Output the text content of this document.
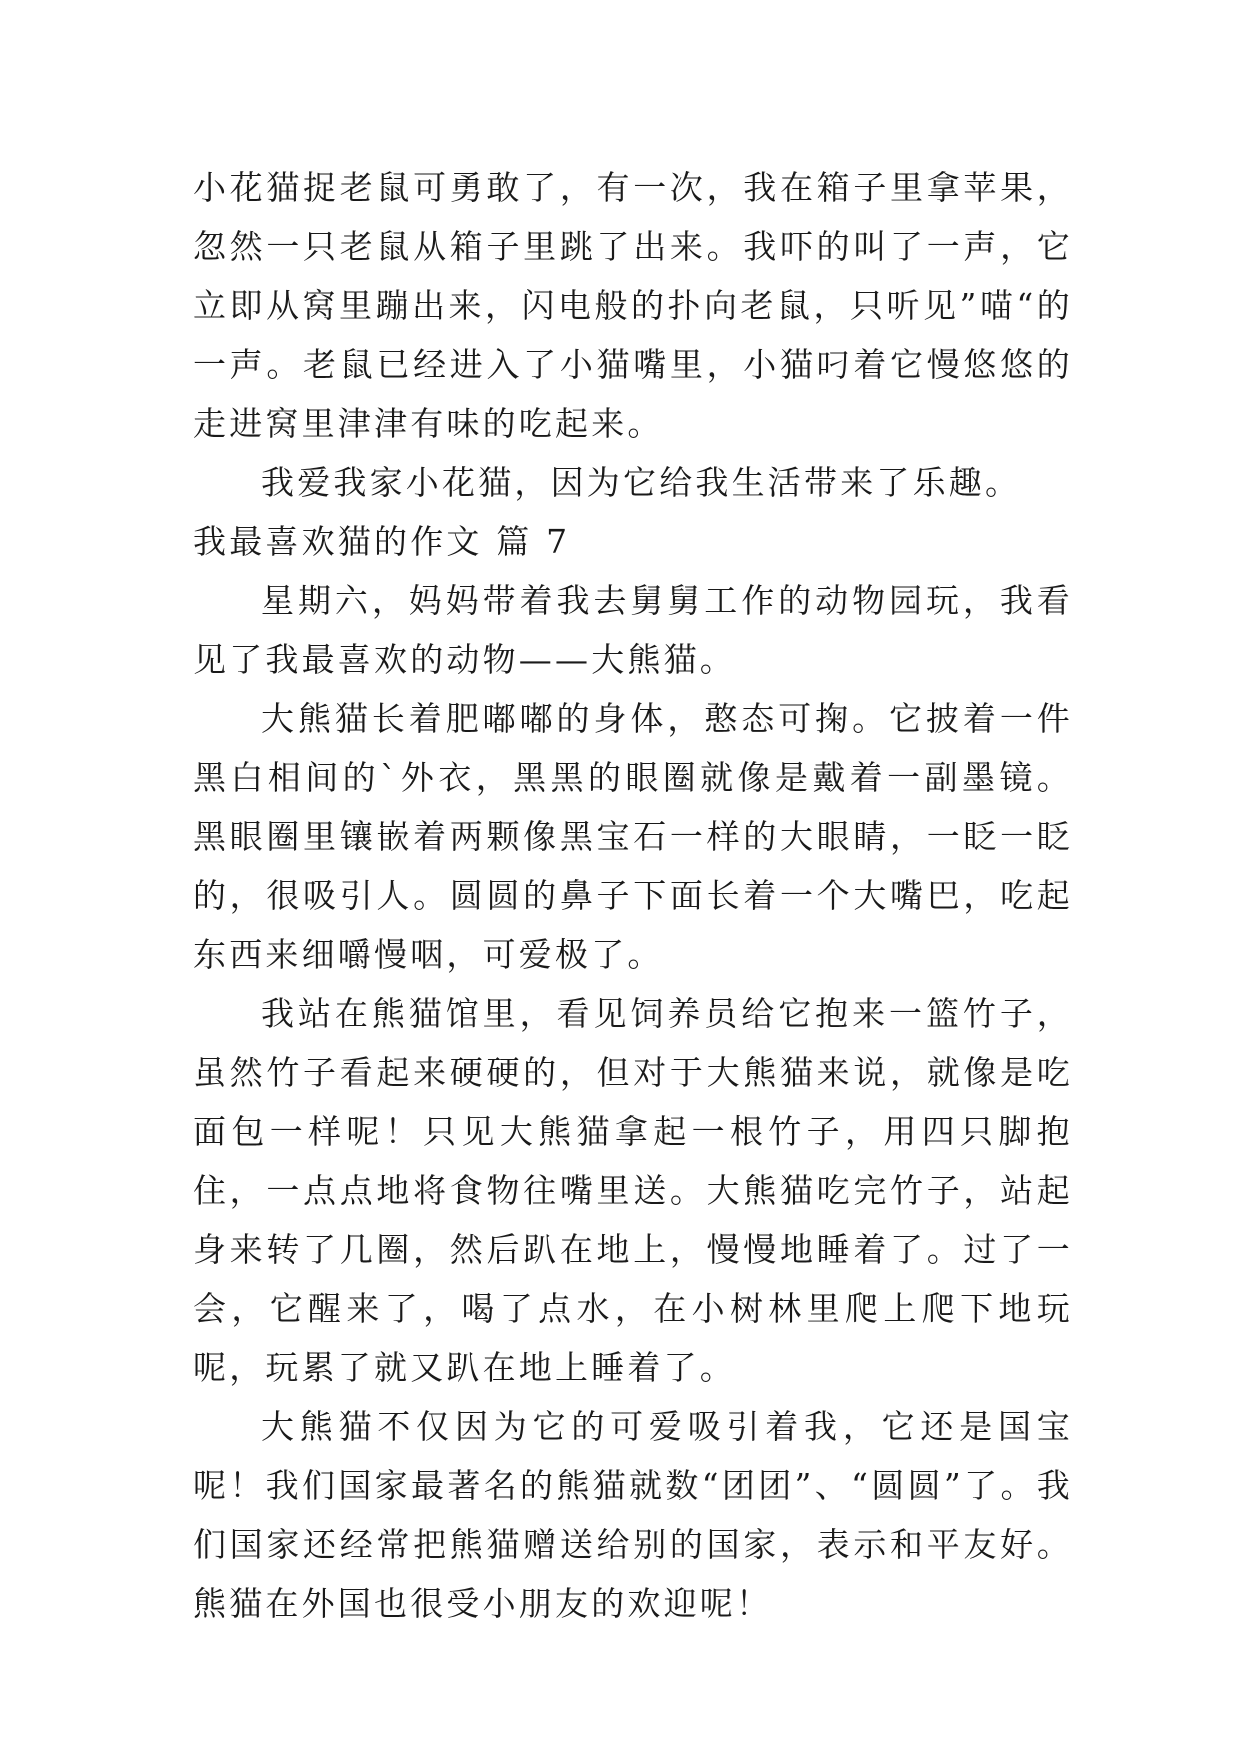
小花猫捉老鼠可勇敢了，有一次，我在箱子里拿苹果，忽然一只老鼠从箱子里跳了出来。我吓的叫了一声，它立即从窝里蹦出来，闪电般的扑向老鼠，只听见”喵“的一声。老鼠已经进入了小猫嘴里，小猫叼着它慢悠悠的走进窝里津津有味的吃起来。

我爱我家小花猫，因为它给我生活带来了乐趣。

我最喜欢猫的作文 篇 7

星期六，妈妈带着我去舅舅工作的动物园玩，我看见了我最喜欢的动物——大熊猫。

大熊猫长着肥嘟嘟的身体，憨态可掬。它披着一件黑白相间的`外衣，黑黑的眼圈就像是戴着一副墨镜。黑眼圈里镶嵌着两颗像黑宝石一样的大眼睛，一眨一眨的，很吸引人。圆圆的鼻子下面长着一个大嘴巴，吃起东西来细嚼慢咽，可爱极了。

我站在熊猫馆里，看见饲养员给它抱来一篮竹子，虽然竹子看起来硬硬的，但对于大熊猫来说，就像是吃面包一样呢！只见大熊猫拿起一根竹子，用四只脚抱住，一点点地将食物往嘴里送。大熊猫吃完竹子，站起身来转了几圈，然后趴在地上，慢慢地睡着了。过了一会，它醒来了，喝了点水，在小树林里爬上爬下地玩呢，玩累了就又趴在地上睡着了。

大熊猫不仅因为它的可爱吸引着我，它还是国宝呢！我们国家最著名的熊猫就数“团团”、“圆圆”了。我们国家还经常把熊猫赠送给别的国家，表示和平友好。熊猫在外国也很受小朋友的欢迎呢！
